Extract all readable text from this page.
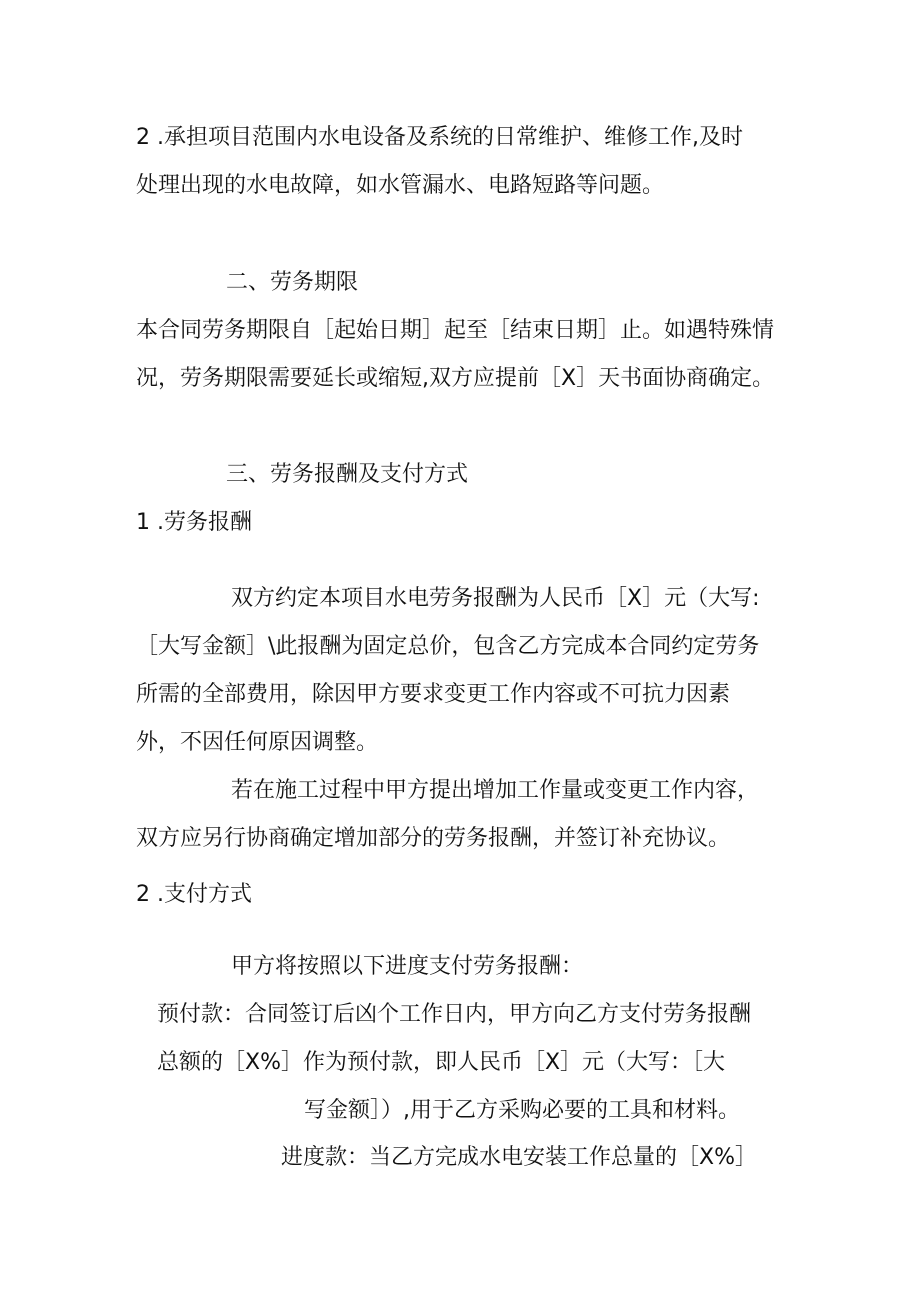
2 .承担项目范围内水电设备及系统的日常维护、维修工作,及时
处理出现的水电故障，如水管漏水、电路短路等问题。
二、劳务期限
本合同劳务期限自［起始日期］起至［结束日期］止。如遇特殊情
况，劳务期限需要延长或缩短,双方应提前［X］天书面协商确定。
三、劳务报酬及支付方式
1 .劳务报酬
双方约定本项目水电劳务报酬为人民币［X］元（大写:
［大写金额］\此报酬为固定总价，包含乙方完成本合同约定劳务
所需的全部费用，除因甲方要求变更工作内容或不可抗力因素
外，不因任何原因调整。
若在施工过程中甲方提出增加工作量或变更工作内容，
双方应另行协商确定增加部分的劳务报酬，并签订补充协议。
2 .支付方式
甲方将按照以下进度支付劳务报酬：
预付款：合同签订后凶个工作日内，甲方向乙方支付劳务报酬
总额的［X%］作为预付款，即人民币［X］元（大写：［大
写金额］）,用于乙方采购必要的工具和材料。
进度款：当乙方完成水电安装工作总量的［X%］
